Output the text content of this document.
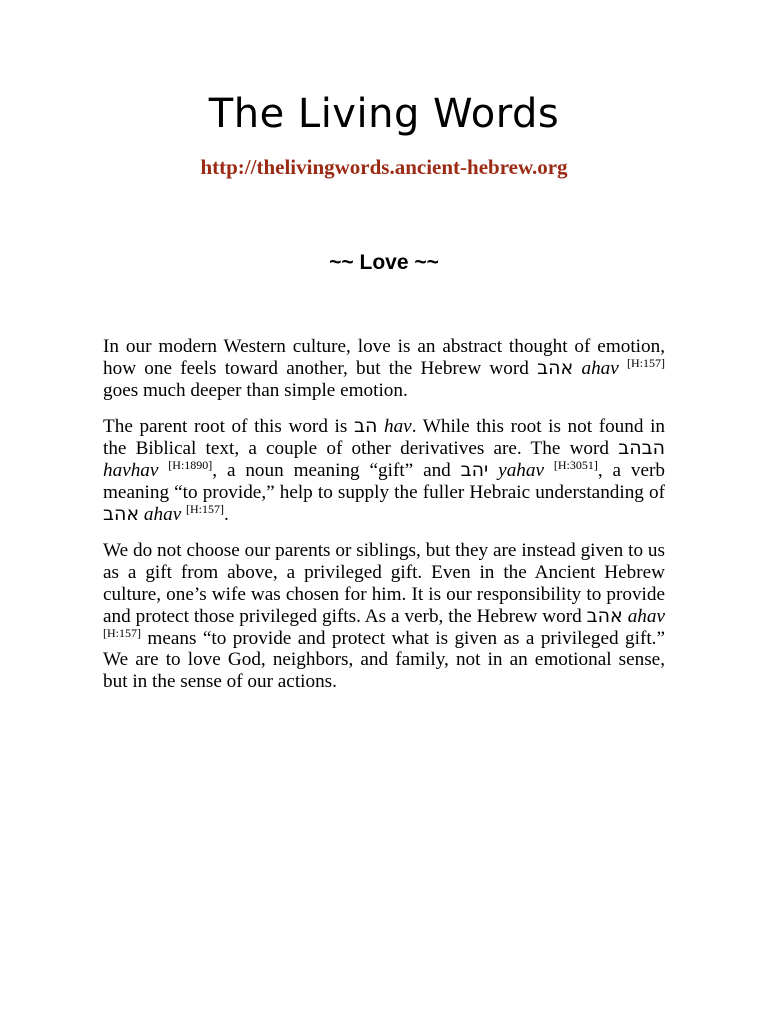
The Living Words
http://thelivingwords.ancient-hebrew.org
~~ Love ~~

In our modern Western culture, love is an abstract thought of emotion, how one feels toward another, but the Hebrew word אהב ahav [H:157] goes much deeper than simple emotion.

The parent root of this word is הב hav. While this root is not found in the Biblical text, a couple of other derivatives are. The word הבהב havhav [H:1890], a noun meaning “gift” and יהב yahav [H:3051], a verb meaning “to provide,” help to supply the fuller Hebraic understanding of אהב ahav [H:157].

We do not choose our parents or siblings, but they are instead given to us as a gift from above, a privileged gift. Even in the Ancient Hebrew culture, one’s wife was chosen for him. It is our responsibility to provide and protect those privileged gifts. As a verb, the Hebrew word אהב ahav [H:157] means “to provide and protect what is given as a privileged gift.” We are to love God, neighbors, and family, not in an emotional sense, but in the sense of our actions.
